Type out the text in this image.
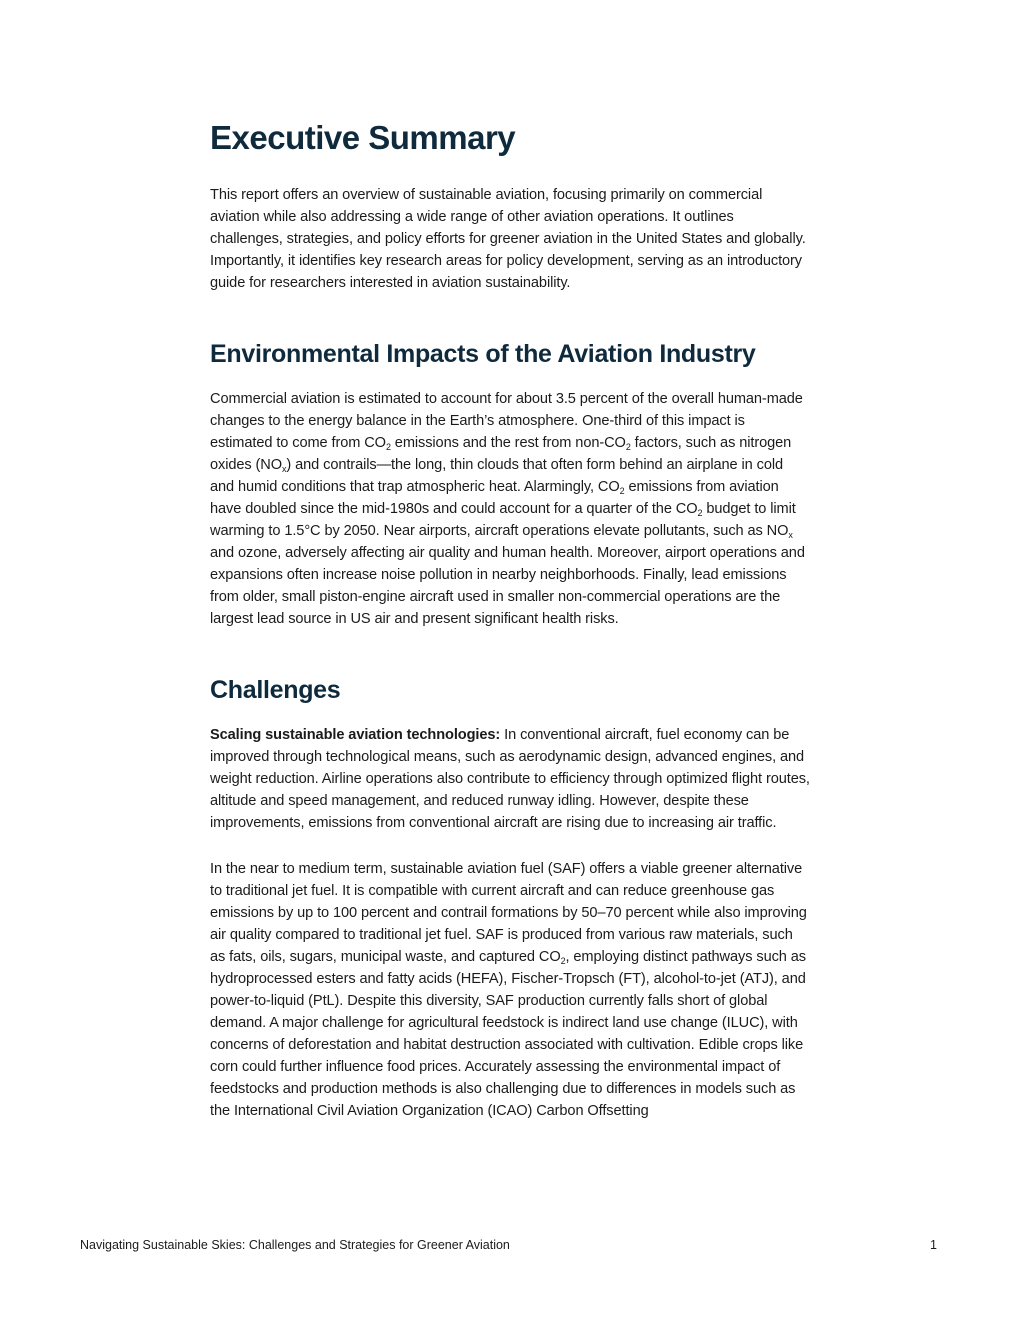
Executive Summary

This report offers an overview of sustainable aviation, focusing primarily on commercial aviation while also addressing a wide range of other aviation operations. It outlines challenges, strategies, and policy efforts for greener aviation in the United States and globally. Importantly, it identifies key research areas for policy development, serving as an introductory guide for researchers interested in aviation sustainability.

Environmental Impacts of the Aviation Industry

Commercial aviation is estimated to account for about 3.5 percent of the overall human-made changes to the energy balance in the Earth’s atmosphere. One-third of this impact is estimated to come from $CO_2$ emissions and the rest from non-$CO_2$ factors, such as nitrogen oxides $(NO_x)$ and contrails—the long, thin clouds that often form behind an airplane in cold and humid conditions that trap atmospheric heat. Alarmingly, $CO_2$ emissions from aviation have doubled since the mid-1980s and could account for a quarter of the $CO_2$ budget to limit warming to 1.5°C by 2050. Near airports, aircraft operations elevate pollutants, such as $NO_x$ and ozone, adversely affecting air quality and human health. Moreover, airport operations and expansions often increase noise pollution in nearby neighborhoods. Finally, lead emissions from older, small piston-engine aircraft used in smaller non-commercial operations are the largest lead source in US air and present significant health risks.

Challenges

Scaling sustainable aviation technologies: In conventional aircraft, fuel economy can be improved through technological means, such as aerodynamic design, advanced engines, and weight reduction. Airline operations also contribute to efficiency through optimized flight routes, altitude and speed management, and reduced runway idling. However, despite these improvements, emissions from conventional aircraft are rising due to increasing air traffic.

In the near to medium term, sustainable aviation fuel (SAF) offers a viable greener alternative to traditional jet fuel. It is compatible with current aircraft and can reduce greenhouse gas emissions by up to 100 percent and contrail formations by 50–70 percent while also improving air quality compared to traditional jet fuel. SAF is produced from various raw materials, such as fats, oils, sugars, municipal waste, and captured $CO_2$, employing distinct pathways such as hydroprocessed esters and fatty acids (HEFA), Fischer-Tropsch (FT), alcohol-to-jet (ATJ), and power-to-liquid (PtL). Despite this diversity, SAF production currently falls short of global demand. A major challenge for agricultural feedstock is indirect land use change (ILUC), with concerns of deforestation and habitat destruction associated with cultivation. Edible crops like corn could further influence food prices. Accurately assessing the environmental impact of feedstocks and production methods is also challenging due to differences in models such as the International Civil Aviation Organization (ICAO) Carbon Offsetting

Navigating Sustainable Skies: Challenges and Strategies for Greener Aviation	1
